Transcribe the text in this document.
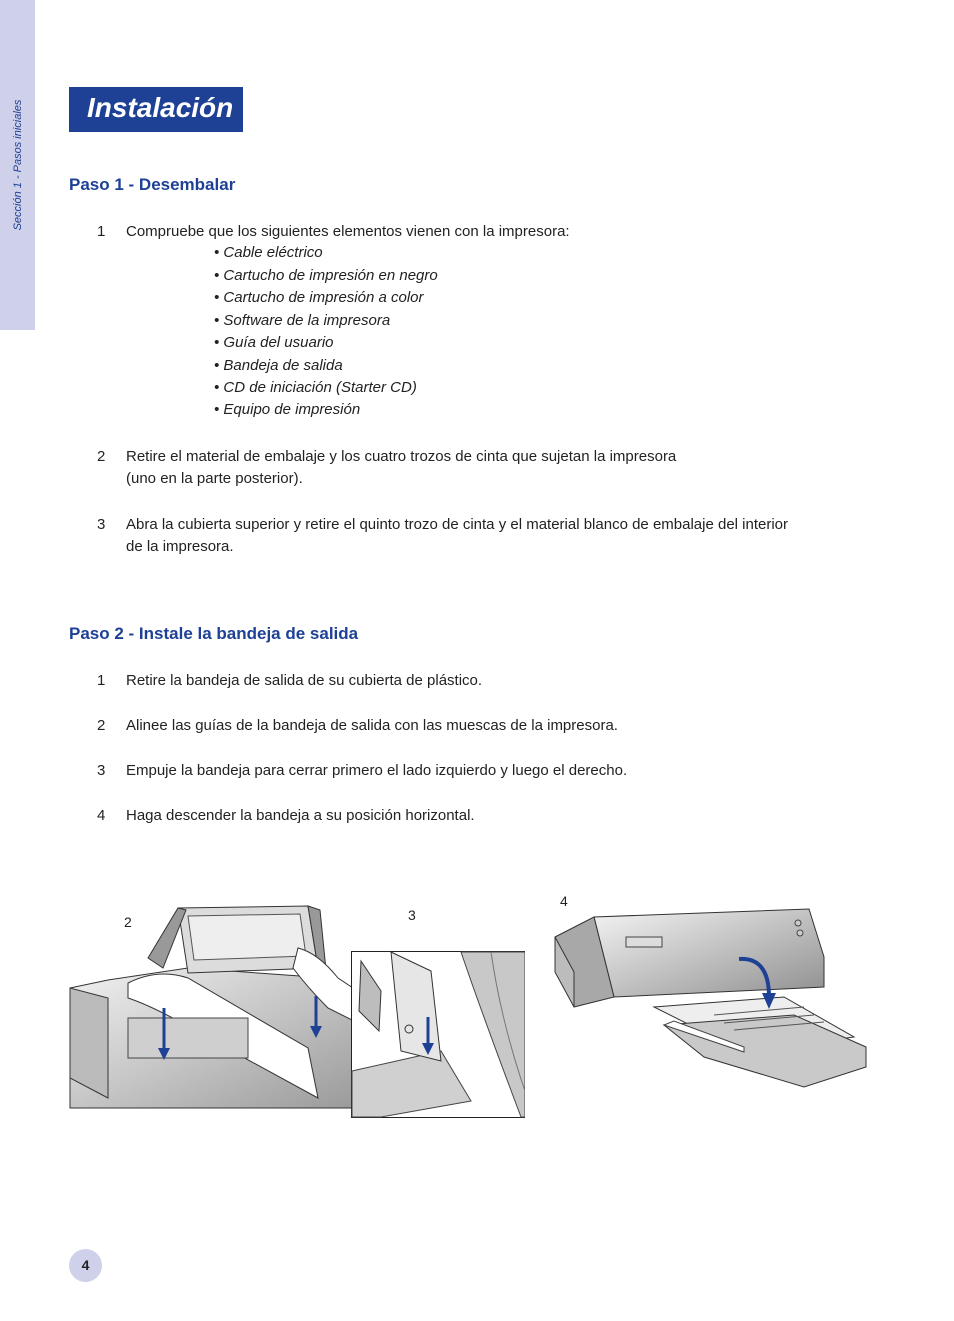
Sección 1 - Pasos iniciales Instalación
Paso 1 - Desembalar
1 Compruebe que los siguientes elementos vienen con la impresora:
• Cable eléctrico
• Cartucho de impresión en negro
• Cartucho de impresión a color
• Software de la impresora
• Guía del usuario
• Bandeja de salida
• CD de iniciación (Starter CD)
• Equipo de impresión
2 Retire el material de embalaje y los cuatro trozos de cinta que sujetan la impresora
(uno en la parte posterior).
3 Abra la cubierta superior y retire el quinto trozo de cinta y el material blanco de embalaje del interior
de la impresora.
Paso 2 - Instale la bandeja de salida
1 Retire la bandeja de salida de su cubierta de plástico.
2 Alinee las guías de la bandeja de salida con las muescas de la impresora.
3 Empuje la bandeja para cerrar primero el lado izquierdo y luego el derecho.
4 Haga descender la bandeja a su posición horizontal.
2	3
4
4
